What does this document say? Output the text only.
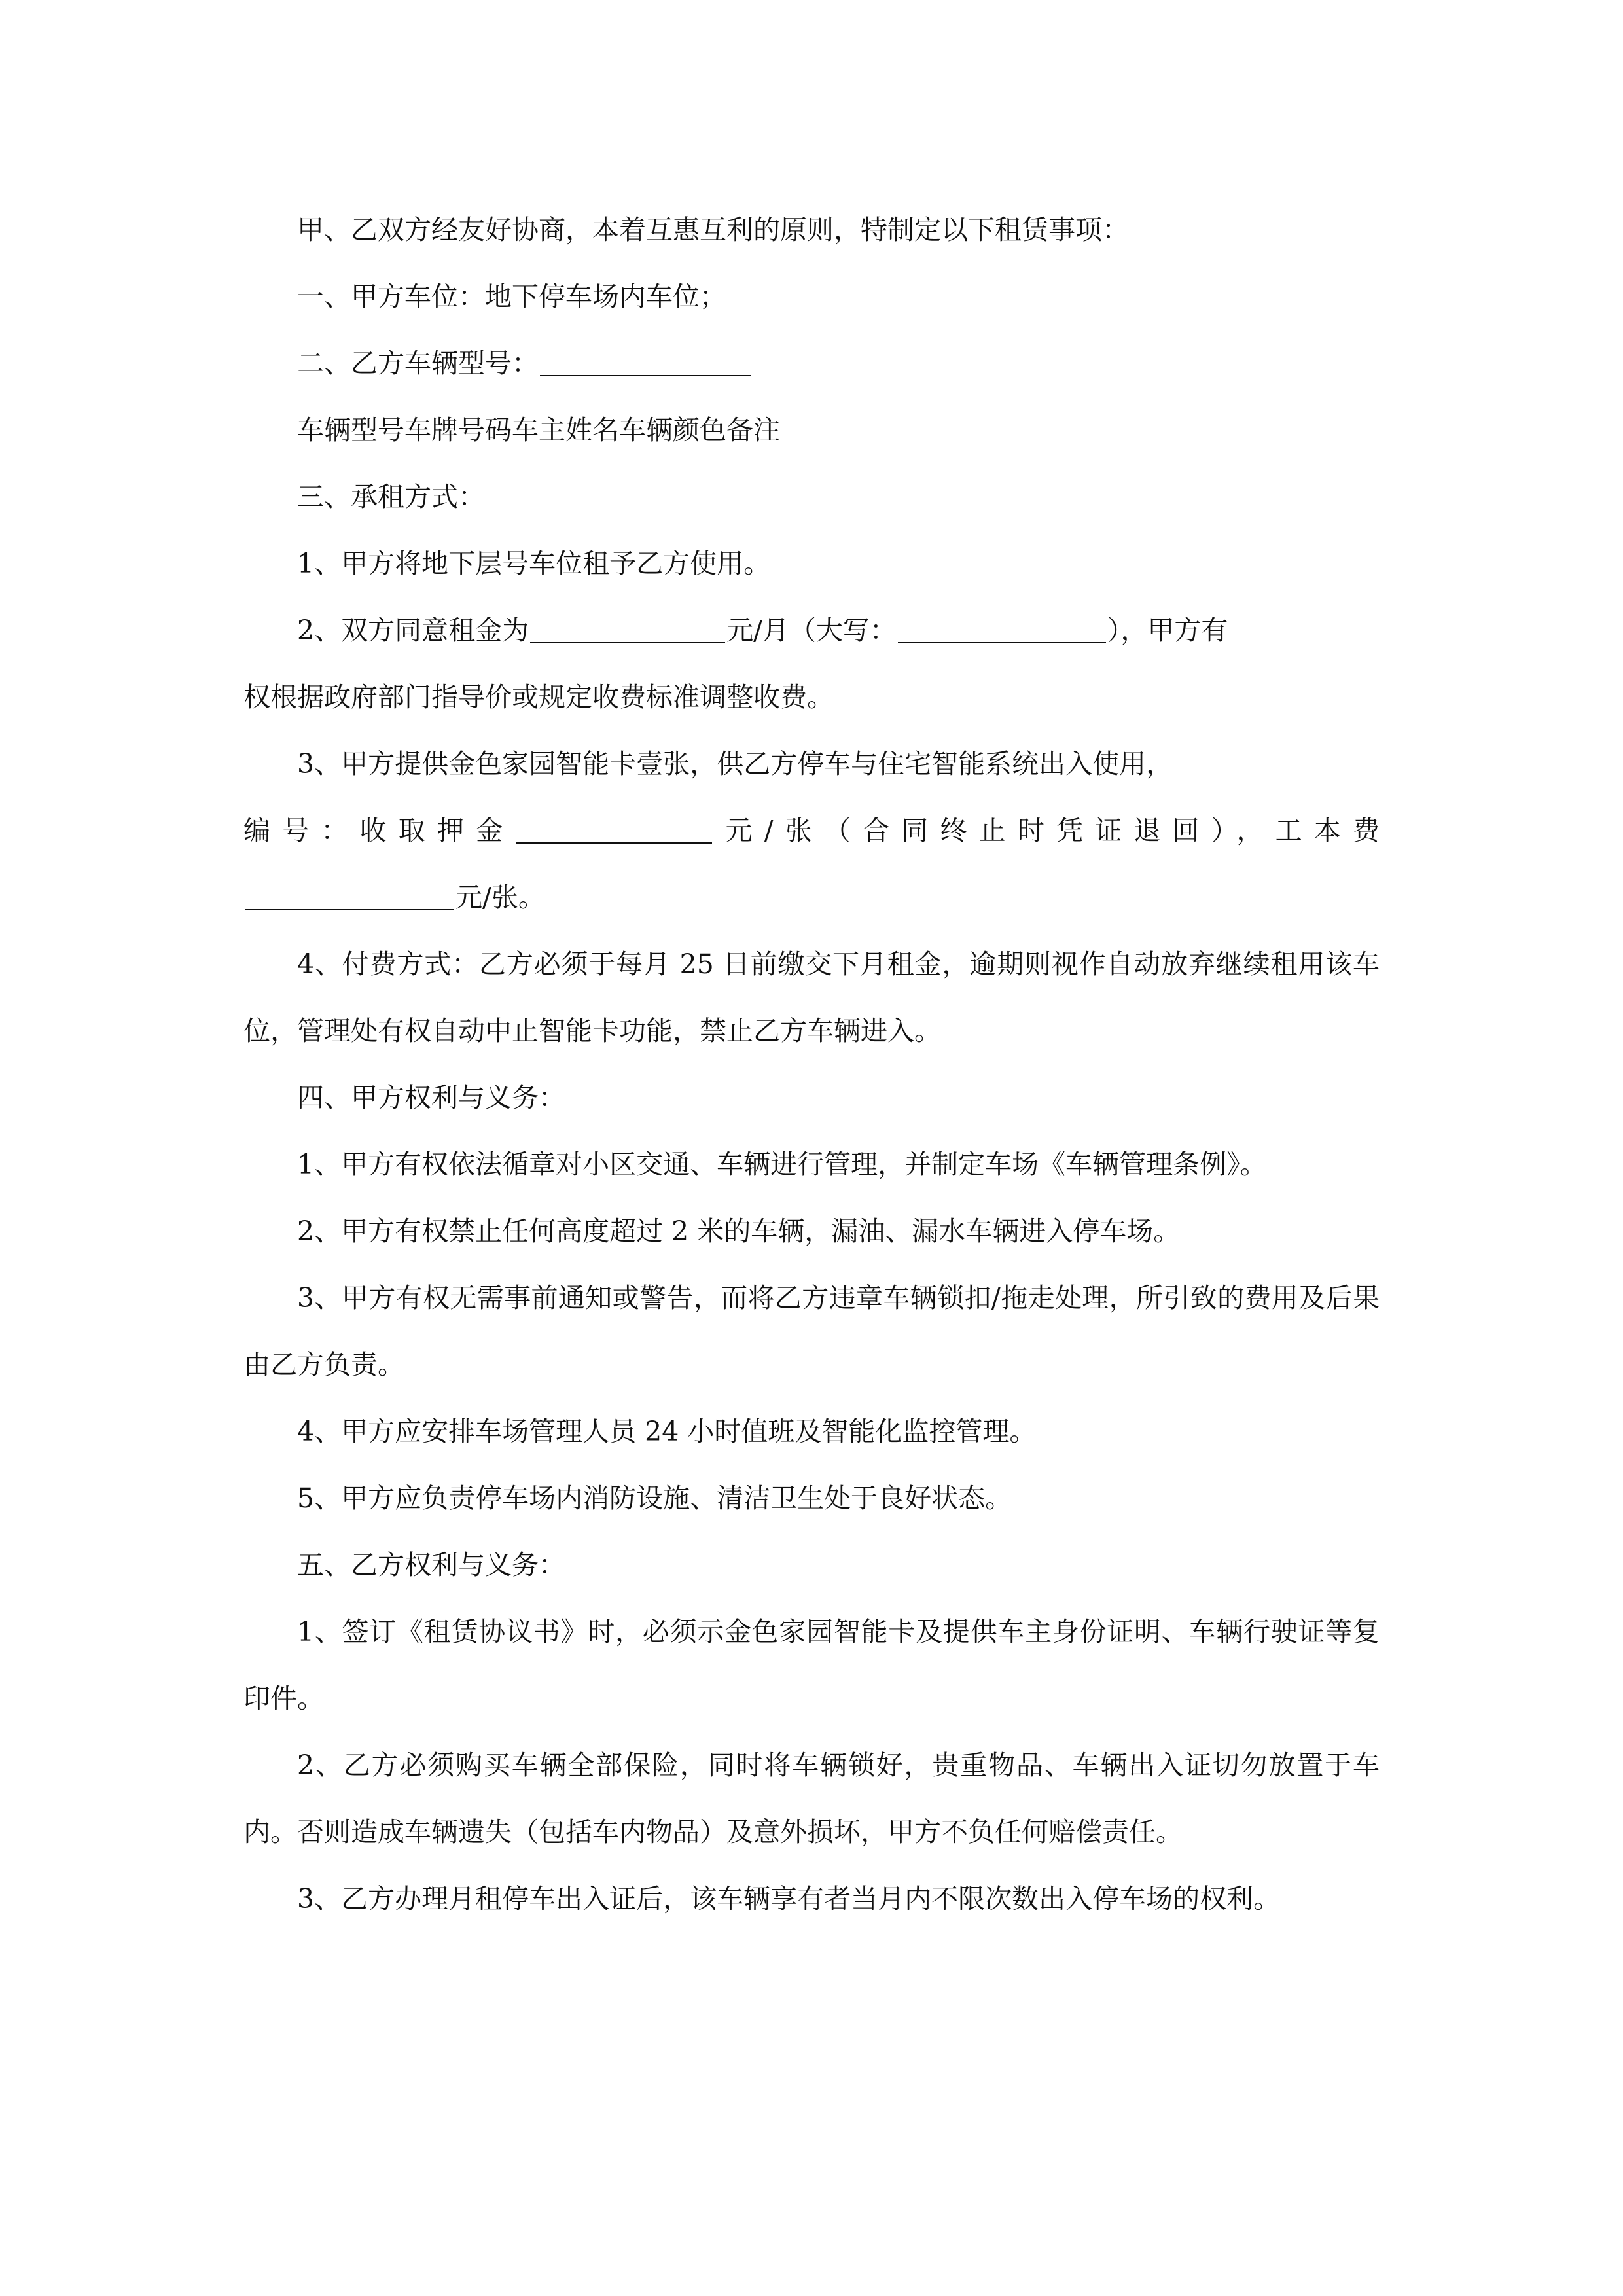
甲、乙双方经友好协商，本着互惠互利的原则，特制定以下租赁事项：

一、甲方车位：地下停车场内车位；

二、乙方车辆型号：

车辆型号车牌号码车主姓名车辆颜色备注

三、承租方式：

1、甲方将地下层号车位租予乙方使用。

2、双方同意租金为	元/月（大写：	），甲方有
权根据政府部门指导价或规定收费标准调整收费。

3、甲方提供金色家园智能卡壹张，供乙方停车与住宅智能系统出入使用，

编号：收取押金	元/张（合同终止时凭证退回），工本费

元/张。

4、付费方式：乙方必须于每月 25 日前缴交下月租金，逾期则视作自动放弃继续租用该车位，管理处有权自动中止智能卡功能，禁止乙方车辆进入。

四、甲方权利与义务：

1、甲方有权依法循章对小区交通、车辆进行管理，并制定车场《车辆管理条例》。

2、甲方有权禁止任何高度超过 2 米的车辆，漏油、漏水车辆进入停车场。

3、甲方有权无需事前通知或警告，而将乙方违章车辆锁扣/拖走处理，所引致的费用及后果由乙方负责。

4、甲方应安排车场管理人员 24 小时值班及智能化监控管理。

5、甲方应负责停车场内消防设施、清洁卫生处于良好状态。

五、乙方权利与义务：

1、签订《租赁协议书》时，必须示金色家园智能卡及提供车主身份证明、车辆行驶证等复印件。

2、乙方必须购买车辆全部保险，同时将车辆锁好，贵重物品、车辆出入证切勿放置于车内。否则造成车辆遗失（包括车内物品）及意外损坏，甲方不负任何赔偿责任。

3、乙方办理月租停车出入证后，该车辆享有者当月内不限次数出入停车场的权利。
